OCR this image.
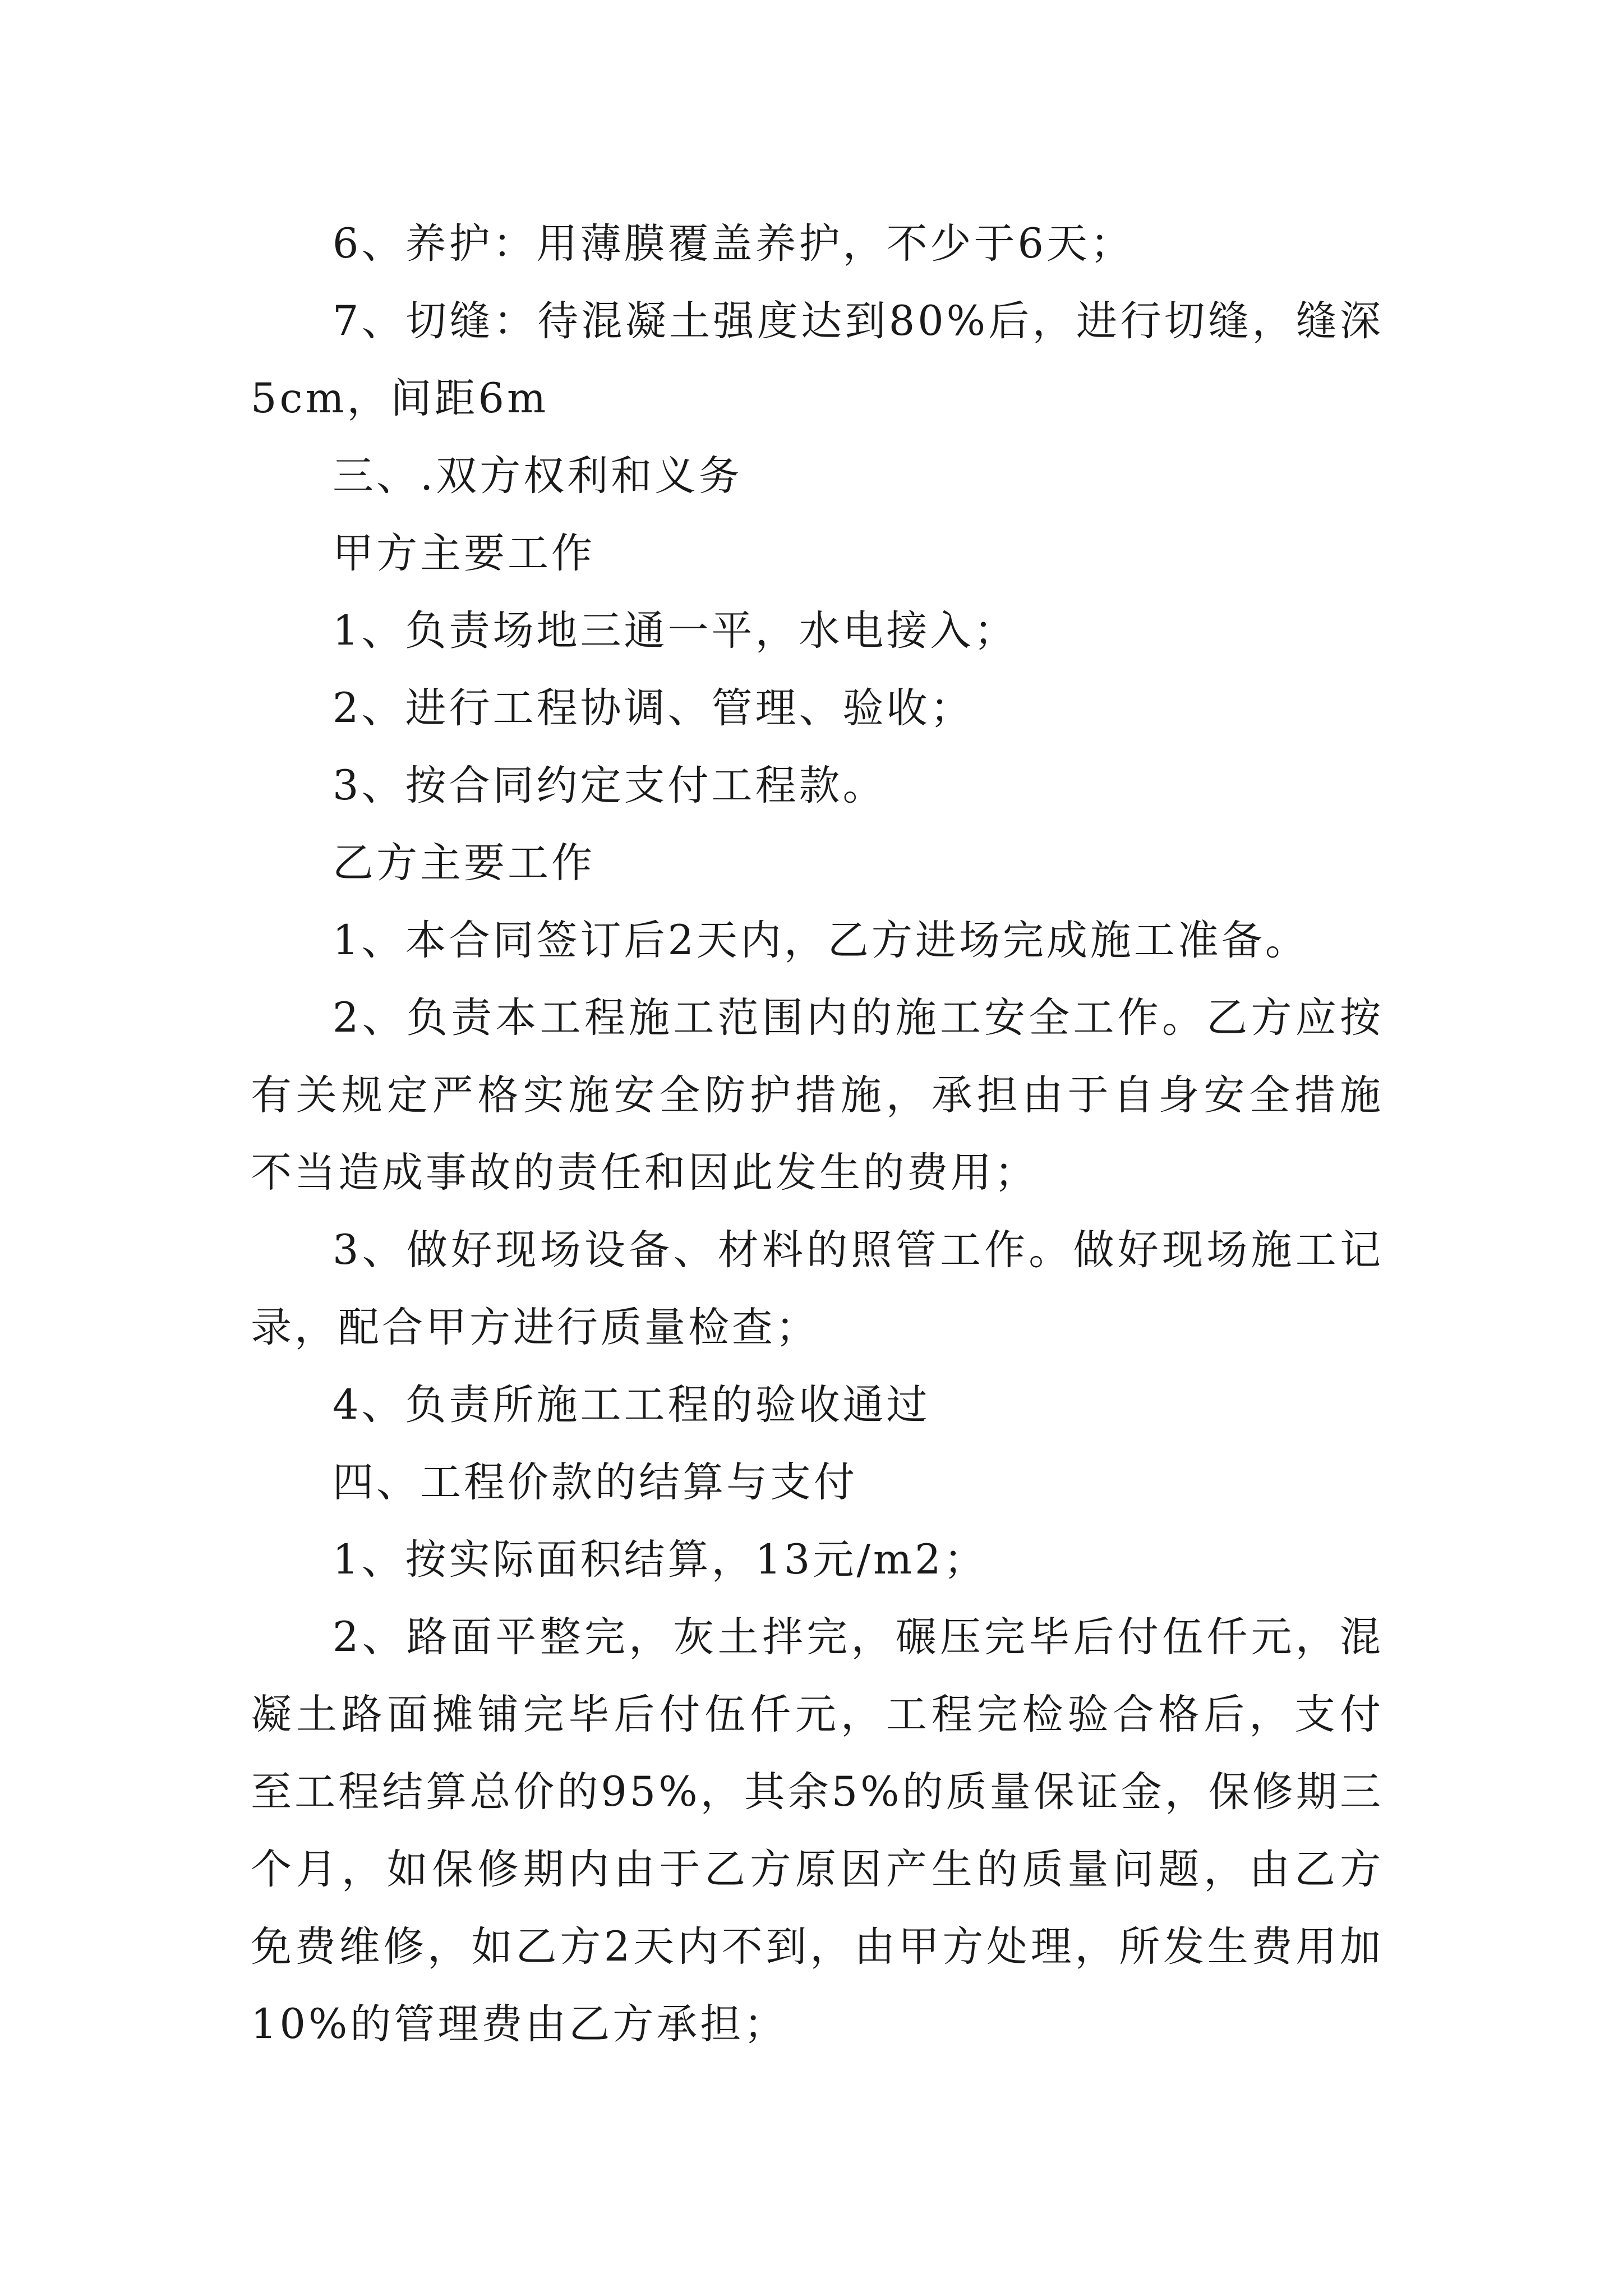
6、养护：用薄膜覆盖养护，不少于6天；

7、切缝：待混凝土强度达到80%后，进行切缝，缝深5cm，间距6m

三、.双方权利和义务

甲方主要工作

1、负责场地三通一平，水电接入；

2、进行工程协调、管理、验收；

3、按合同约定支付工程款。

乙方主要工作

1、本合同签订后2天内，乙方进场完成施工准备。

2、负责本工程施工范围内的施工安全工作。乙方应按有关规定严格实施安全防护措施，承担由于自身安全措施不当造成事故的责任和因此发生的费用；

3、做好现场设备、材料的照管工作。做好现场施工记录，配合甲方进行质量检查；

4、负责所施工工程的验收通过

四、工程价款的结算与支付

1、按实际面积结算，13元/m2；

2、路面平整完，灰土拌完，碾压完毕后付伍仟元，混凝土路面摊铺完毕后付伍仟元，工程完检验合格后，支付至工程结算总价的95%，其余5%的质量保证金，保修期三个月，如保修期内由于乙方原因产生的质量问题，由乙方免费维修，如乙方2天内不到，由甲方处理，所发生费用加10%的管理费由乙方承担；
